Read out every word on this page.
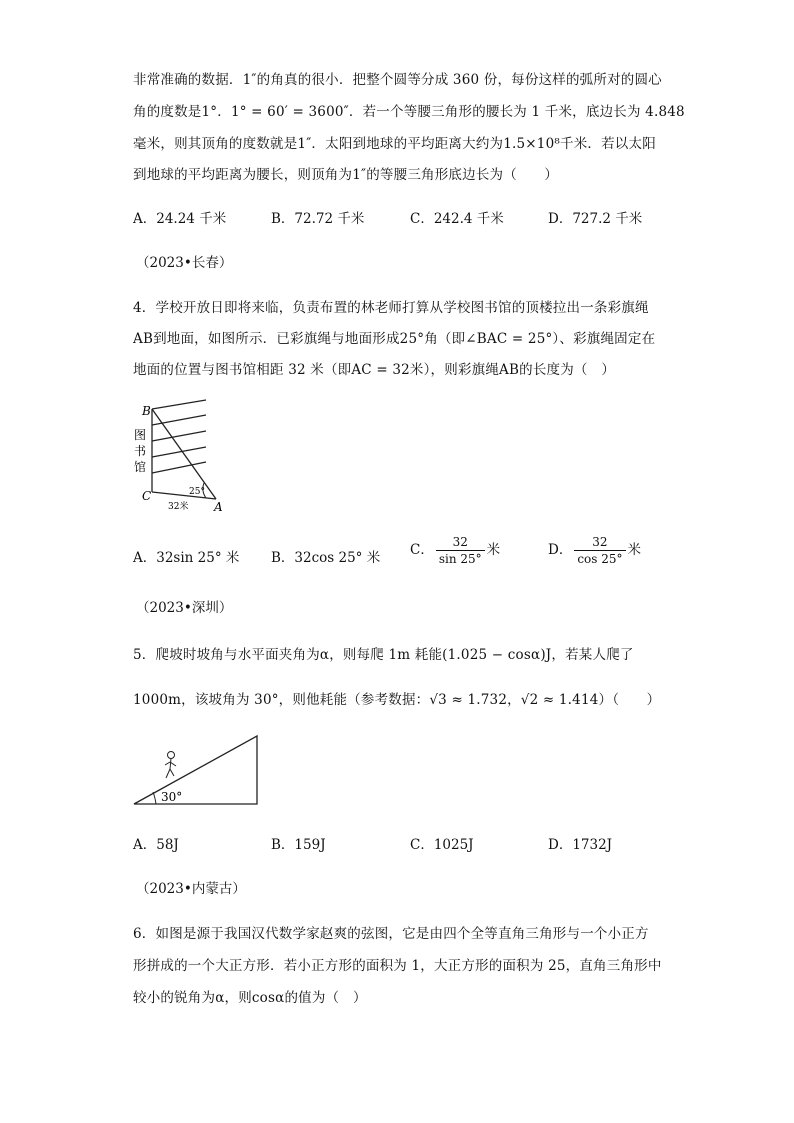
非常准确的数据．1″的角真的很小．把整个圆等分成 360 份，每份这样的弧所对的圆心
角的度数是1°．1° = 60′ = 3600″．若一个等腰三角形的腰长为 1 千米，底边长为 4.848
毫米，则其顶角的度数就是1″．太阳到地球的平均距离大约为1.5×10⁸千米．若以太阳
到地球的平均距离为腰长，则顶角为1″的等腰三角形底边长为（　　）
A．24.24 千米	B．72.72 千米	C．242.4 千米	D．727.2 千米
（2023•长春）
4．学校开放日即将来临，负责布置的林老师打算从学校图书馆的顶楼拉出一条彩旗绳
AB到地面，如图所示．已彩旗绳与地面形成25°角（即∠BAC = 25°）、彩旗绳固定在
地面的位置与图书馆相距 32 米（即AC = 32米），则彩旗绳AB的长度为（　）
B
图
书
馆
C	25°
32米 A
A．32sin 25° 米 B．32cos 25° 米 C． $\frac{32}{\sin 25^\circ}$ 米	D． $\frac{32}{\cos 25^\circ}$ 米
（2023•深圳）
5．爬坡时坡角与水平面夹角为α，则每爬 1m 耗能(1.025 − cosα)J，若某人爬了
1000m，该坡角为 30°，则他耗能（参考数据：√3 ≈ 1.732，√2 ≈ 1.414）（　　）
30°
A．58J	B．159J	C．1025J	D．1732J
（2023•内蒙古）
6．如图是源于我国汉代数学家赵爽的弦图，它是由四个全等直角三角形与一个小正方
形拼成的一个大正方形．若小正方形的面积为 1，大正方形的面积为 25，直角三角形中
较小的锐角为α，则cosα的值为（　）
